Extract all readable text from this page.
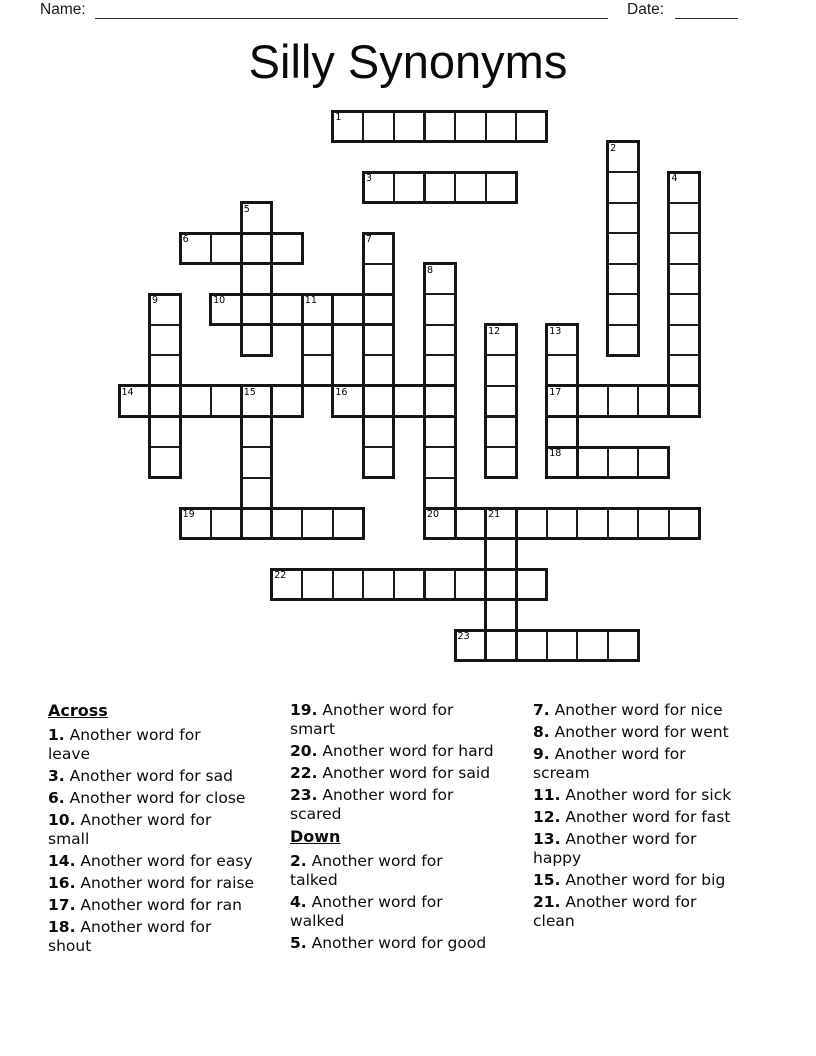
Name:	Date:
Silly Synonyms
1
3
6
10
14	16	17
18
19	20
22
23
2
4
5
7
8
9	11
12	13
15
21
Across
1. Another word for
leave
3. Another word for sad
6. Another word for close
10. Another word for
small
14. Another word for easy
16. Another word for raise
17. Another word for ran
18. Another word for
shout
19. Another word for
smart
20. Another word for hard
22. Another word for said
23. Another word for
scared
Down
2. Another word for
talked
4. Another word for
walked
5. Another word for good
7. Another word for nice
8. Another word for went
9. Another word for
scream
11. Another word for sick
12. Another word for fast
13. Another word for
happy
15. Another word for big
21. Another word for
clean
